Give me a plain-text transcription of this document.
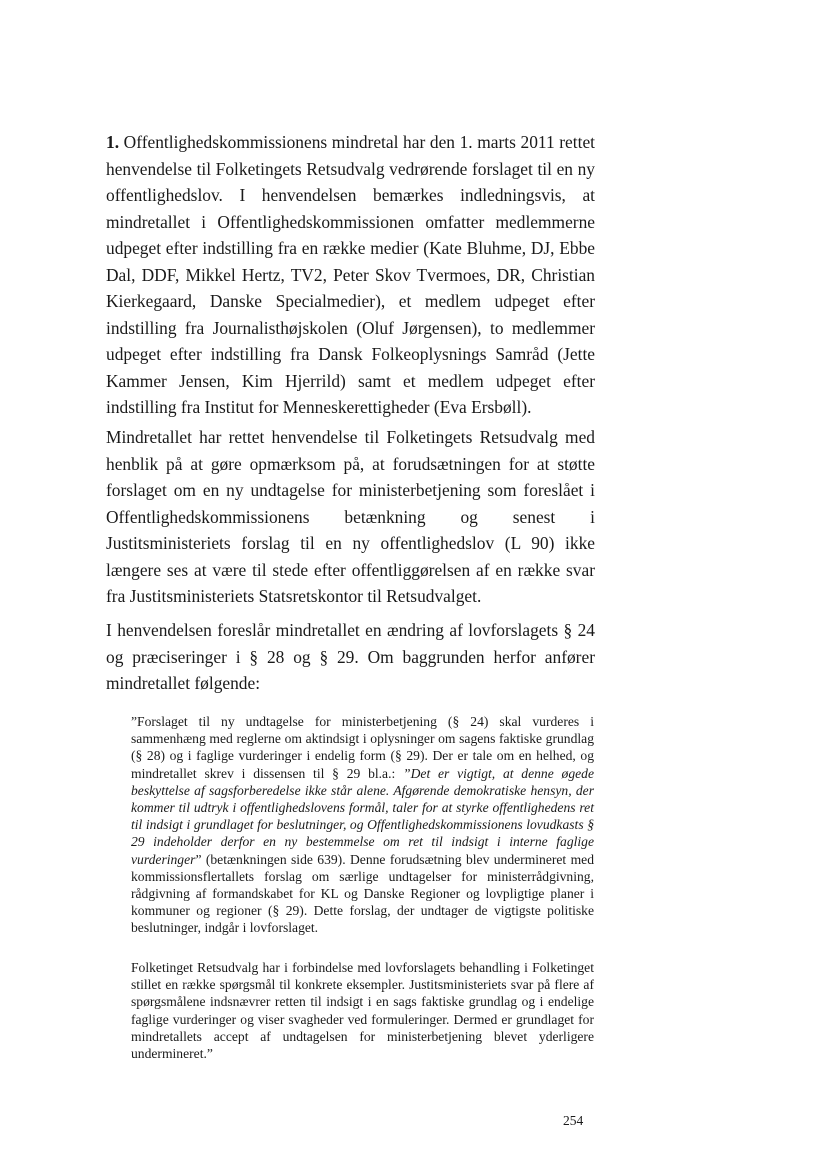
1. Offentlighedskommissionens mindretal har den 1. marts 2011 rettet henvendelse til Folketingets Retsudvalg vedrørende forslaget til en ny offentlighedslov. I henvendelsen bemærkes indledningsvis, at mindretallet i Offentlighedskommissionen omfatter medlemmerne udpeget efter indstilling fra en række medier (Kate Bluhme, DJ, Ebbe Dal, DDF, Mikkel Hertz, TV2, Peter Skov Tvermoes, DR, Christian Kierkegaard, Danske Specialmedier), et medlem udpeget efter indstilling fra Journalisthøjskolen (Oluf Jørgensen), to medlemmer udpeget efter indstilling fra Dansk Folkeoplysnings Samråd (Jette Kammer Jensen, Kim Hjerrild) samt et medlem udpeget efter indstilling fra Institut for Menneskerettigheder (Eva Ersbøll).

Mindretallet har rettet henvendelse til Folketingets Retsudvalg med henblik på at gøre opmærksom på, at forudsætningen for at støtte forslaget om en ny undtagelse for ministerbetjening som foreslået i Offentlighedskommissionens betænkning og senest i Justitsministeriets forslag til en ny offentlighedslov (L 90) ikke længere ses at være til stede efter offentliggørelsen af en række svar fra Justitsministeriets Statsretskontor til Retsudvalget.

I henvendelsen foreslår mindretallet en ændring af lovforslagets § 24 og præciseringer i § 28 og § 29. Om baggrunden herfor anfører mindretallet følgende:

”Forslaget til ny undtagelse for ministerbetjening (§ 24) skal vurderes i sammenhæng med reglerne om aktindsigt i oplysninger om sagens faktiske grundlag (§ 28) og i faglige vurderinger i endelig form (§ 29). Der er tale om en helhed, og mindretallet skrev i dissensen til § 29 bl.a.: ”Det er vigtigt, at denne øgede beskyttelse af sagsforberedelse ikke står alene. Afgørende demokratiske hensyn, der kommer til udtryk i offentlighedslovens formål, taler for at styrke offentlighedens ret til indsigt i grundlaget for beslutninger, og Offentlighedskommissionens lovudkasts § 29 indeholder derfor en ny bestemmelse om ret til indsigt i interne faglige vurderinger” (betænkningen side 639). Denne forudsætning blev undermineret med kommissionsflertallets forslag om særlige undtagelser for ministerrådgivning, rådgivning af formandskabet for KL og Danske Regioner og lovpligtige planer i kommuner og regioner (§ 29). Dette forslag, der undtager de vigtigste politiske beslutninger, indgår i lovforslaget.

Folketinget Retsudvalg har i forbindelse med lovforslagets behandling i Folketinget stillet en række spørgsmål til konkrete eksempler. Justitsministeriets svar på flere af spørgsmålene indsnævrer retten til indsigt i en sags faktiske grundlag og i endelige faglige vurderinger og viser svagheder ved formuleringer. Dermed er grundlaget for mindretallets accept af undtagelsen for ministerbetjening blevet yderligere undermineret.”

254
